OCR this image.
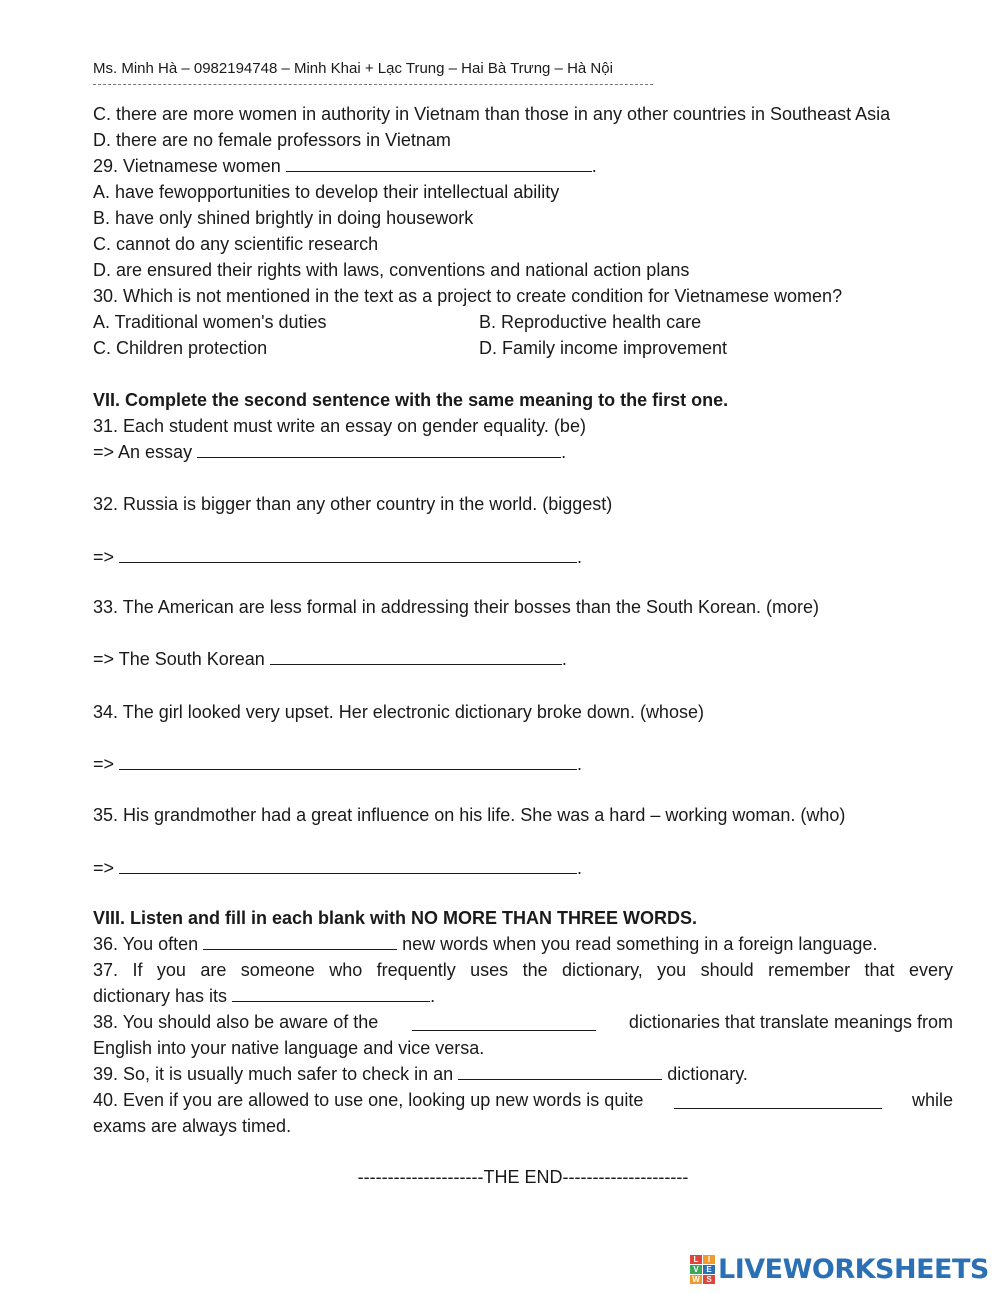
Ms. Minh Hà – 0982194748 – Minh Khai + Lạc Trung – Hai Bà Trưng – Hà Nội
C. there are more women in authority in Vietnam than those in any other countries in Southeast Asia
D. there are no female professors in Vietnam
29. Vietnamese women	.
A. have fewopportunities to develop their intellectual ability
B. have only shined brightly in doing housework
C. cannot do any scientific research
D. are ensured their rights with laws, conventions and national action plans
30. Which is not mentioned in the text as a project to create condition for Vietnamese women?
A. Traditional women's duties	B. Reproductive health care
C. Children protection	D. Family income improvement
VII. Complete the second sentence with the same meaning to the first one.
31. Each student must write an essay on gender equality. (be)
=> An essay	.
32. Russia is bigger than any other country in the world. (biggest)
=>	.
33. The American are less formal in addressing their bosses than the South Korean. (more)
=> The South Korean	.
34. The girl looked very upset. Her electronic dictionary broke down. (whose)
=>	.
35. His grandmother had a great influence on his life. She was a hard – working woman. (who)
=>	.
VIII. Listen and fill in each blank with NO MORE THAN THREE WORDS.
36. You often	new words when you read something in a foreign language.
37. If you are someone who frequently uses the dictionary, you should remember that every
dictionary has its	.
38. You should also be aware of the	dictionaries that translate meanings from
English into your native language and vice versa.
39. So, it is usually much safer to check in an	dictionary.
40. Even if you are allowed to use one, looking up new words is quite	while
exams are always timed.
---------------------THE END---------------------
L	I
V E
W S LIVEWORKSHEETS
